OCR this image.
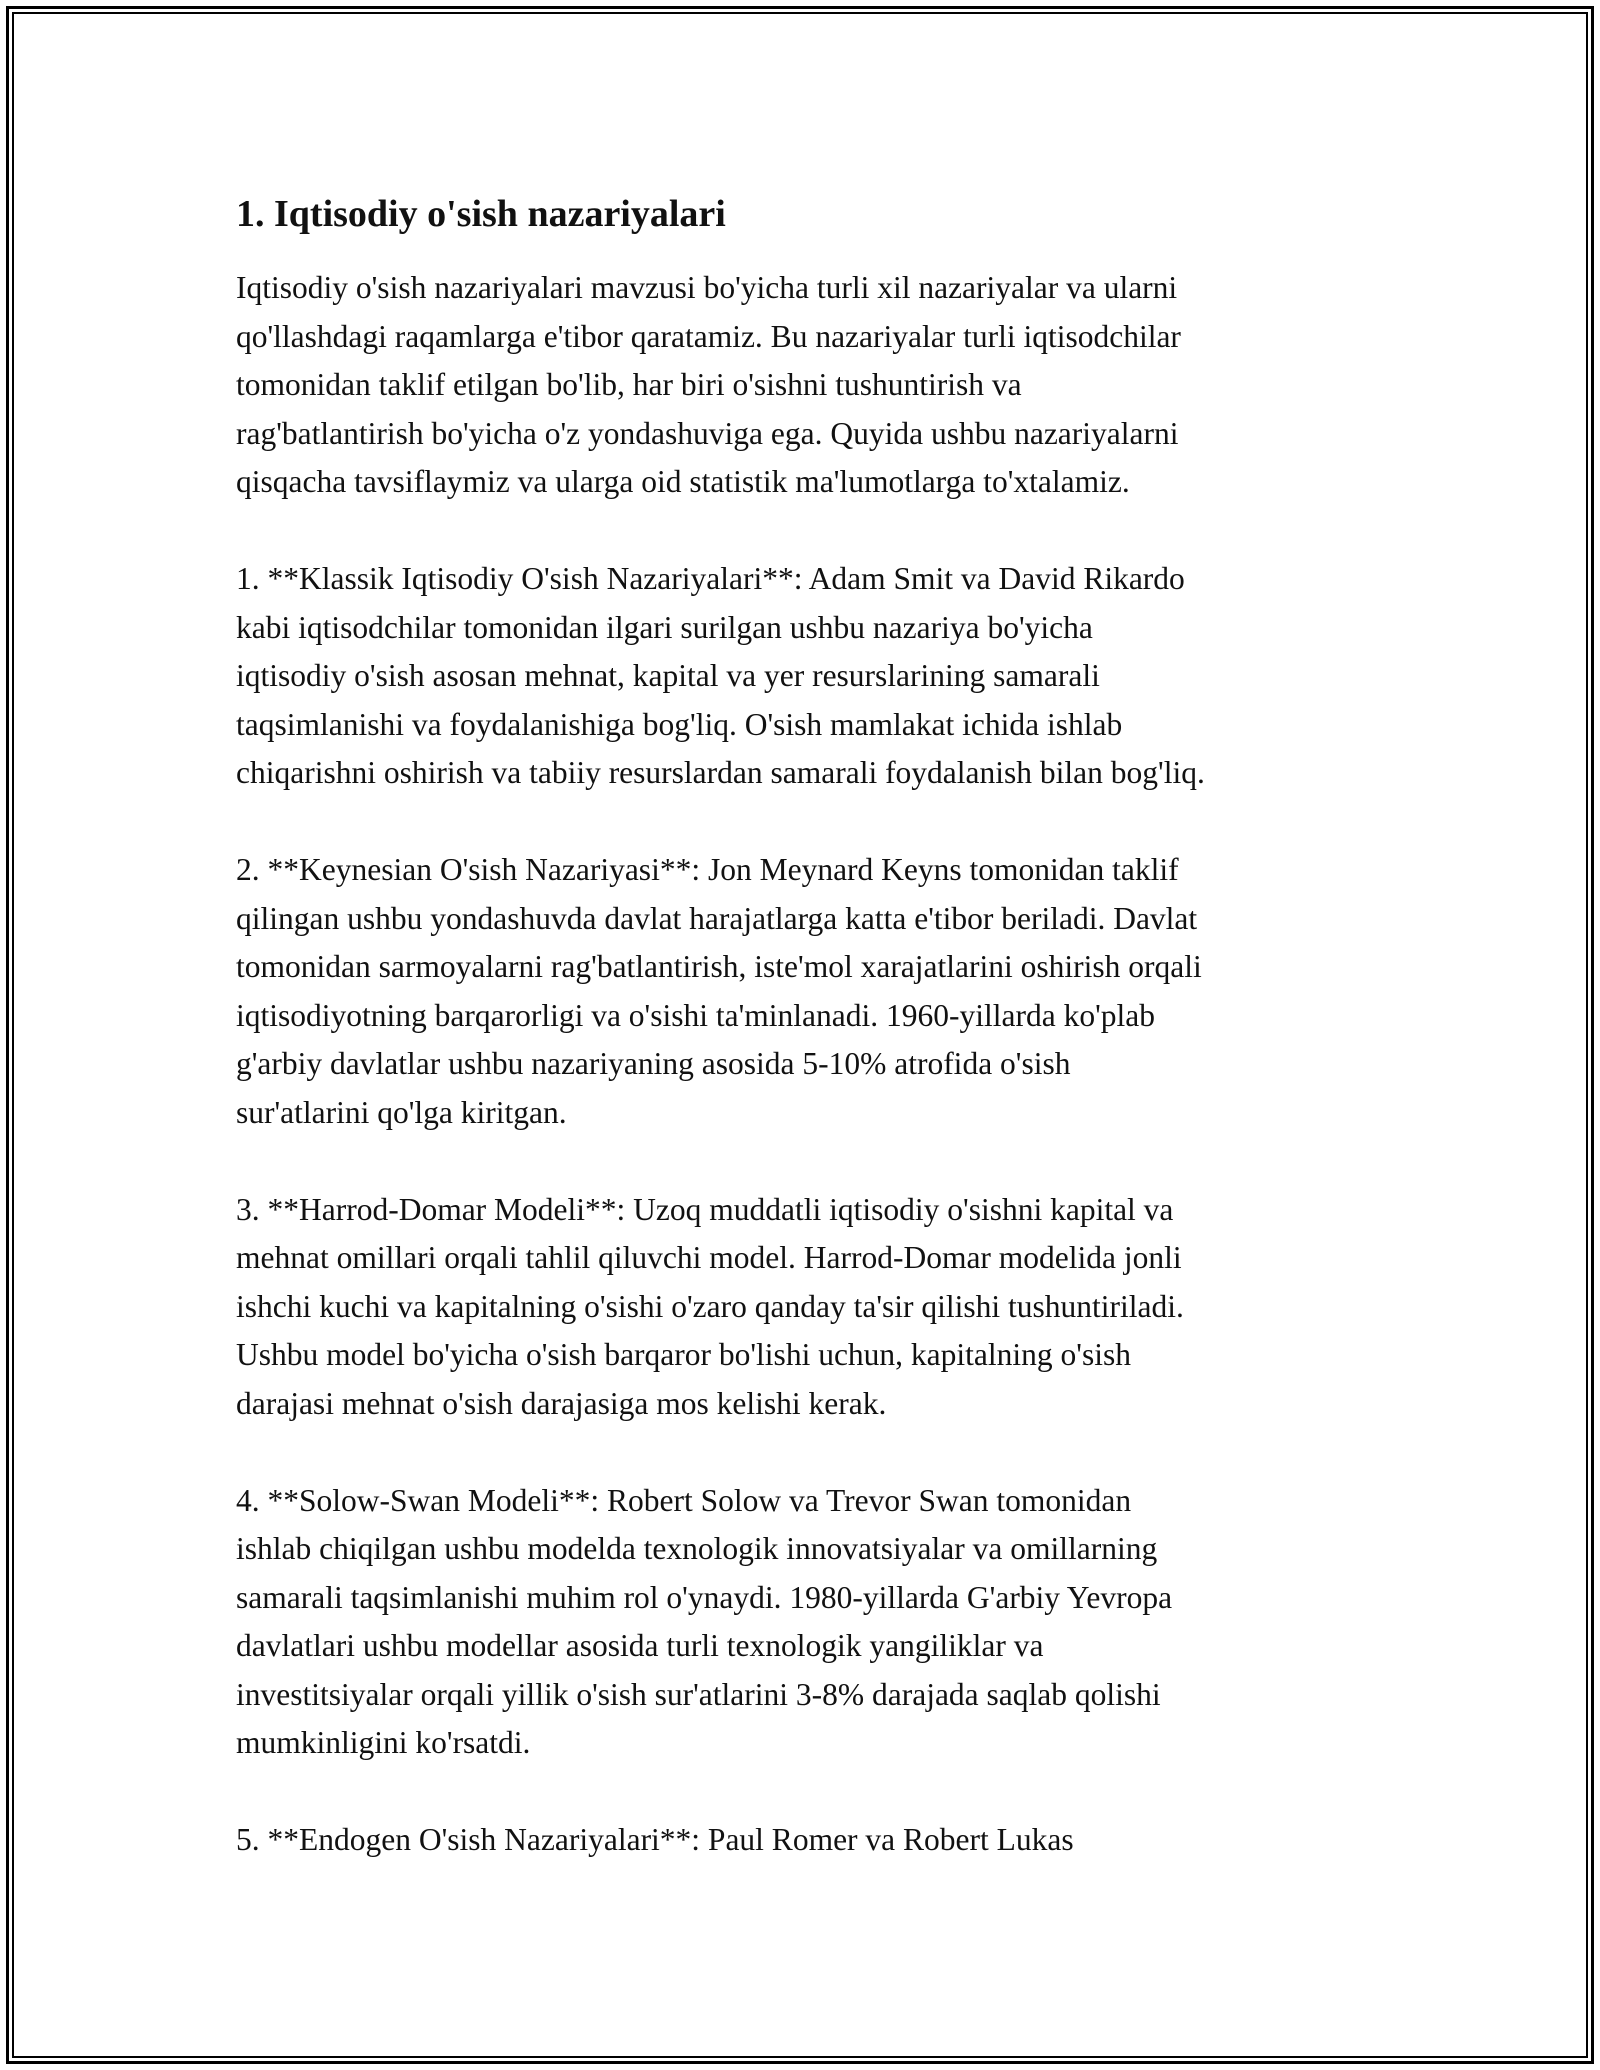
1. Iqtisodiy o'sish nazariyalari
Iqtisodiy o'sish nazariyalari mavzusi bo'yicha turli xil nazariyalar va ularni
qo'llashdagi raqamlarga e'tibor qaratamiz. Bu nazariyalar turli iqtisodchilar
tomonidan taklif etilgan bo'lib, har biri o'sishni tushuntirish va
rag'batlantirish bo'yicha o'z yondashuviga ega. Quyida ushbu nazariyalarni
qisqacha tavsiflaymiz va ularga oid statistik ma'lumotlarga to'xtalamiz.
1. **Klassik Iqtisodiy O'sish Nazariyalari**: Adam Smit va David Rikardo
kabi iqtisodchilar tomonidan ilgari surilgan ushbu nazariya bo'yicha
iqtisodiy o'sish asosan mehnat, kapital va yer resurslarining samarali
taqsimlanishi va foydalanishiga bog'liq. O'sish mamlakat ichida ishlab
chiqarishni oshirish va tabiiy resurslardan samarali foydalanish bilan bog'liq.
2. **Keynesian O'sish Nazariyasi**: Jon Meynard Keyns tomonidan taklif
qilingan ushbu yondashuvda davlat harajatlarga katta e'tibor beriladi. Davlat
tomonidan sarmoyalarni rag'batlantirish, iste'mol xarajatlarini oshirish orqali
iqtisodiyotning barqarorligi va o'sishi ta'minlanadi. 1960-yillarda ko'plab
g'arbiy davlatlar ushbu nazariyaning asosida 5-10% atrofida o'sish
sur'atlarini qo'lga kiritgan.
3. **Harrod-Domar Modeli**: Uzoq muddatli iqtisodiy o'sishni kapital va
mehnat omillari orqali tahlil qiluvchi model. Harrod-Domar modelida jonli
ishchi kuchi va kapitalning o'sishi o'zaro qanday ta'sir qilishi tushuntiriladi.
Ushbu model bo'yicha o'sish barqaror bo'lishi uchun, kapitalning o'sish
darajasi mehnat o'sish darajasiga mos kelishi kerak.
4. **Solow-Swan Modeli**: Robert Solow va Trevor Swan tomonidan
ishlab chiqilgan ushbu modelda texnologik innovatsiyalar va omillarning
samarali taqsimlanishi muhim rol o'ynaydi. 1980-yillarda G'arbiy Yevropa
davlatlari ushbu modellar asosida turli texnologik yangiliklar va
investitsiyalar orqali yillik o'sish sur'atlarini 3-8% darajada saqlab qolishi
mumkinligini ko'rsatdi.
5. **Endogen O'sish Nazariyalari**: Paul Romer va Robert Lukas
